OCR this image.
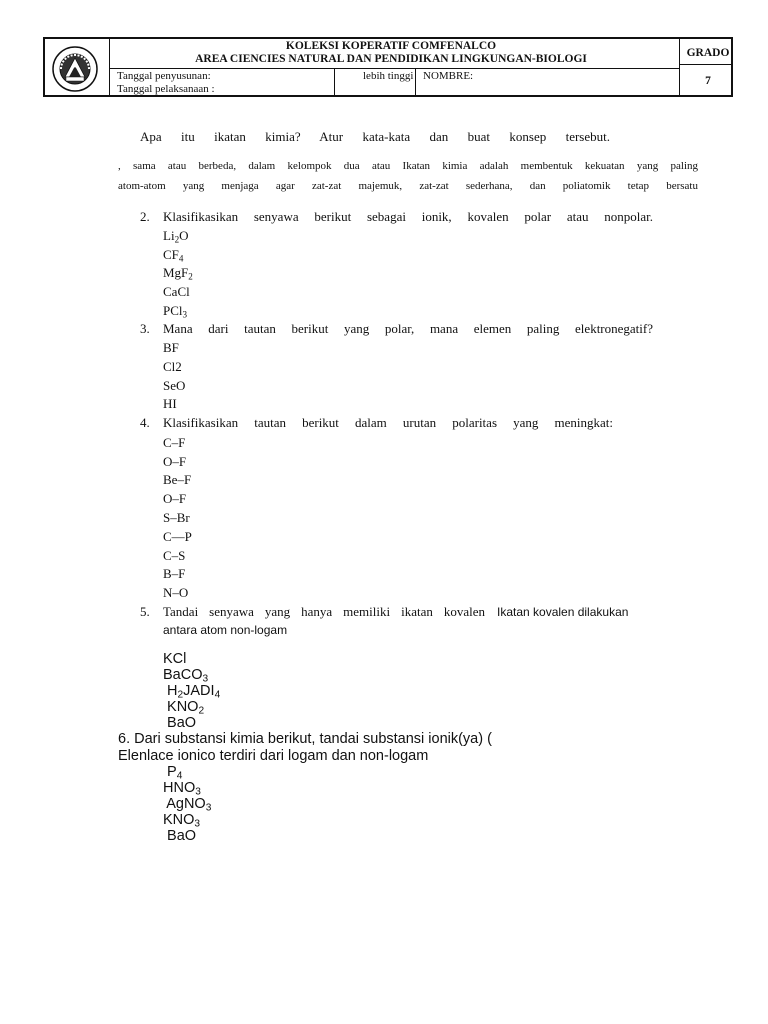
KOLEKSI KOPERATIF COMFENALCO
AREA CIENCIES NATURAL DAN PENDIDIKAN LINGKUNGAN-BIOLOGI	GRADO
7
Tanggal penyusunan:
Tanggal pelaksanaan :
lebih tinggi NOMBRE:
Apa itu ikatan kimia? Atur kata-kata dan buat konsep tersebut.
, sama atau berbeda, dalam kelompok dua atau Ikatan kimia adalah membentuk kekuatan yang paling
atom-atom yang menjaga agar zat-zat majemuk, zat-zat sederhana, dan poliatomik tetap bersatu
2.	Klasifikasikan senyawa berikut sebagai ionik, kovalen polar atau nonpolar.
$Li_2O$
$CF_4$
MgF$_2$
CaCl
PCl$_3$
3.	Mana dari tautan berikut yang polar, mana elemen paling elektronegatif?
BF
Cl2
SeO
HI
4.	Klasifikasikan tautan berikut dalam urutan polaritas yang meningkat:
C–F
O–F
Be–F
O–F
S–Br
C—P
C–S
B–F
N–O
5.	Tandai senyawa yang hanya memiliki ikatan kovalen Ikatan kovalen dilakukan
antara atom non-logam
KCl
BaCO$_3$
$H_2JADI_4$
$KNO_2$
BaO
6. Dari substansi kimia berikut, tandai substansi ionik(ya) (
Elenlace ionico terdiri dari logam dan non-logam
$P_4$
$HNO_3$
AgNO$_3$
$KNO_3$
BaO
